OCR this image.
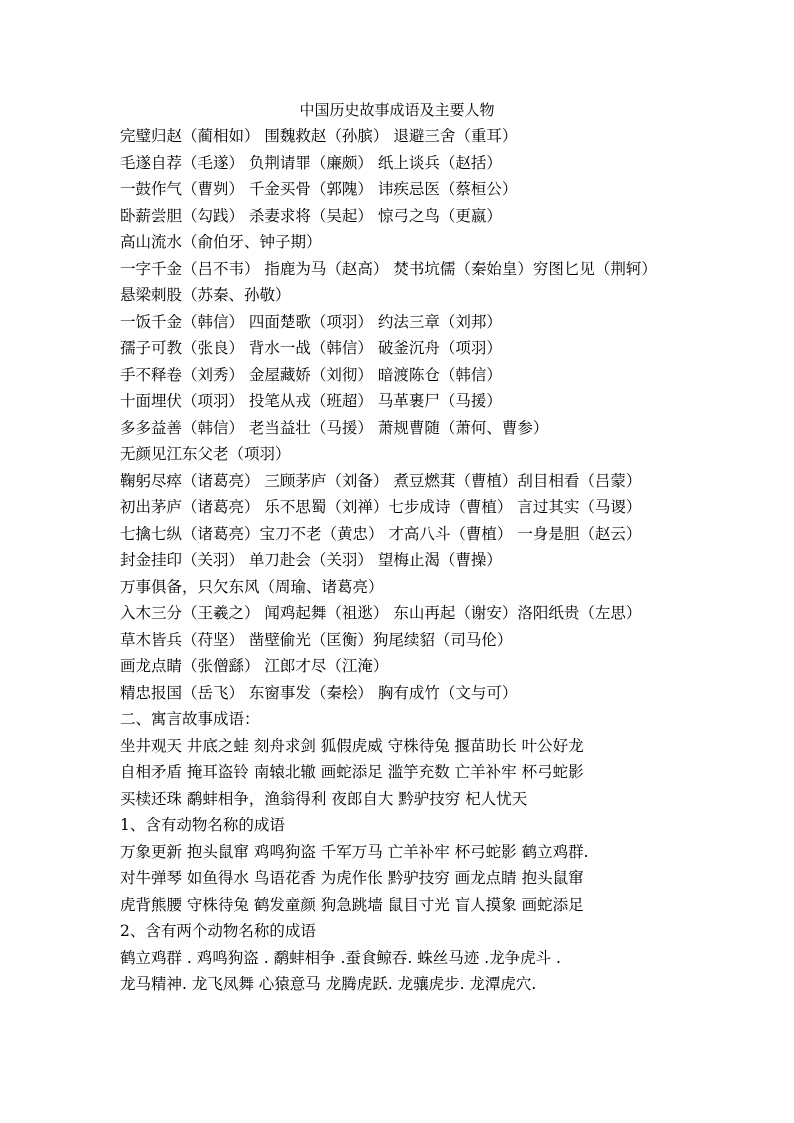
中国历史故事成语及主要人物
完璧归赵（蔺相如） 围魏救赵（孙膑） 退避三舍（重耳）
毛遂自荐（毛遂） 负荆请罪（廉颇） 纸上谈兵（赵括）
一鼓作气（曹刿） 千金买骨（郭隗） 讳疾忌医（蔡桓公）
卧薪尝胆（勾践） 杀妻求将（吴起） 惊弓之鸟（更嬴）
高山流水（俞伯牙、钟子期）
一字千金（吕不韦） 指鹿为马（赵高） 焚书坑儒（秦始皇）穷图匕见（荆轲）
悬梁刺股（苏秦、孙敬）
一饭千金（韩信） 四面楚歌（项羽） 约法三章（刘邦）
孺子可教（张良） 背水一战（韩信） 破釜沉舟（项羽）
手不释卷（刘秀） 金屋藏娇（刘彻） 暗渡陈仓（韩信）
十面埋伏（项羽） 投笔从戎（班超） 马革裹尸（马援）
多多益善（韩信） 老当益壮（马援） 萧规曹随（萧何、曹参）
无颜见江东父老（项羽）
鞠躬尽瘁（诸葛亮） 三顾茅庐（刘备） 煮豆燃萁（曹植）刮目相看（吕蒙）
初出茅庐（诸葛亮） 乐不思蜀（刘禅）七步成诗（曹植） 言过其实（马谡）
七擒七纵（诸葛亮）宝刀不老（黄忠） 才高八斗（曹植） 一身是胆（赵云）
封金挂印（关羽） 单刀赴会（关羽） 望梅止渴（曹操）
万事俱备，只欠东风（周瑜、诸葛亮）
入木三分（王羲之） 闻鸡起舞（祖逖） 东山再起（谢安）洛阳纸贵（左思）
草木皆兵（苻坚） 凿壁偷光（匡衡）狗尾续貂（司马伦）
画龙点睛（张僧繇） 江郎才尽（江淹）
精忠报国（岳飞） 东窗事发（秦桧） 胸有成竹（文与可）
二、寓言故事成语：
坐井观天 井底之蛙 刻舟求剑 狐假虎威 守株待兔 揠苗助长 叶公好龙
自相矛盾 掩耳盗铃 南辕北辙 画蛇添足 滥竽充数 亡羊补牢 杯弓蛇影
买椟还珠 鹬蚌相争，渔翁得利 夜郎自大 黔驴技穷 杞人忧天
1、含有动物名称的成语
万象更新 抱头鼠窜 鸡鸣狗盗 千军万马 亡羊补牢 杯弓蛇影 鹤立鸡群.
对牛弹琴 如鱼得水 鸟语花香 为虎作伥 黔驴技穷 画龙点睛 抱头鼠窜
虎背熊腰 守株待兔 鹤发童颜 狗急跳墙 鼠目寸光 盲人摸象 画蛇添足
2、含有两个动物名称的成语
鹤立鸡群 . 鸡鸣狗盗 . 鹬蚌相争 .蚕食鲸吞. 蛛丝马迹 .龙争虎斗 .
龙马精神. 龙飞凤舞 心猿意马 龙腾虎跃. 龙骧虎步. 龙潭虎穴.
